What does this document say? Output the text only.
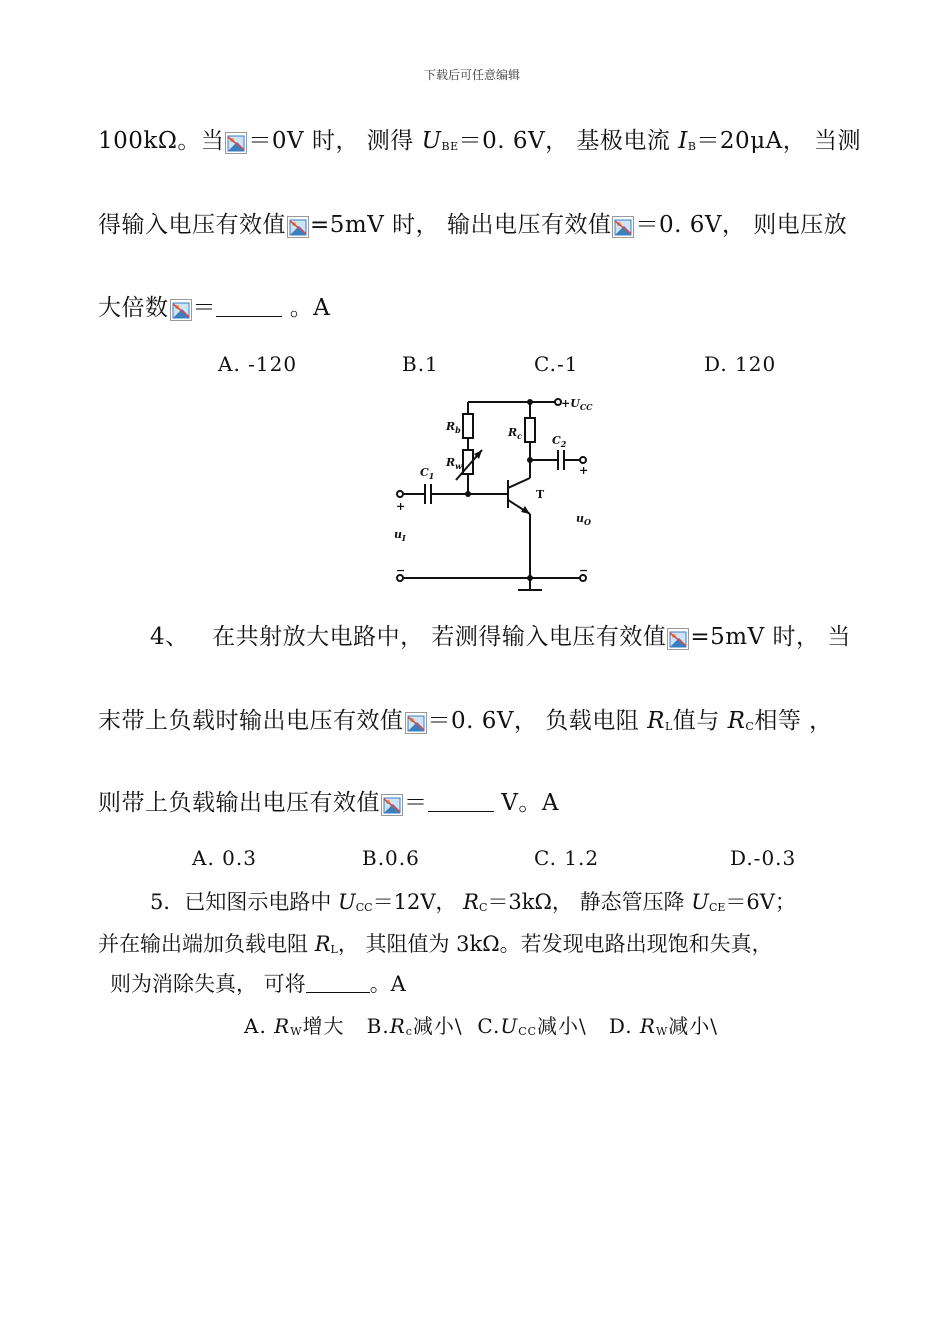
下载后可任意编辑
100kΩ。当 ＝0V 时， 测得 $U_{BE}=0$. 6V， 基极电流 $I_B=20\mu A$， 当测
得输入电压有效值 =5mV 时， 输出电压有效值 ＝0. 6V， 则电压放
大倍数 ＝	。A
A. -120	B.1	C.-1	D. 120
$+U_{CC}$
$R_b$	$R_c$
$R_w$
$C_1$
$C_2$
T
$u_I$
$u_O$
+
+
−	−
4、 在共射放大电路中， 若测得输入电压有效值 =5mV 时， 当
末带上负载时输出电压有效值 ＝0. 6V， 负载电阻 $R_L$值与 $R_C$相等 ，
则带上负载输出电压有效值 ＝	V。A
A. 0.3	B.0.6	C. 1.2	D.-0.3
5．已知图示电路中 $U_{CC}=12V$， $R_C=3k\Omega$， 静态管压降 $U_{CE}=6V$；
并在输出端加负载电阻 $R_L$， 其阻值为 3kΩ。若发现电路出现饱和失真，
则为消除失真， 可将	。A
A. $R_W$增大 $B.R_c$减小\ $C.U_{CC}$减小\ D. $R_W$减小\
